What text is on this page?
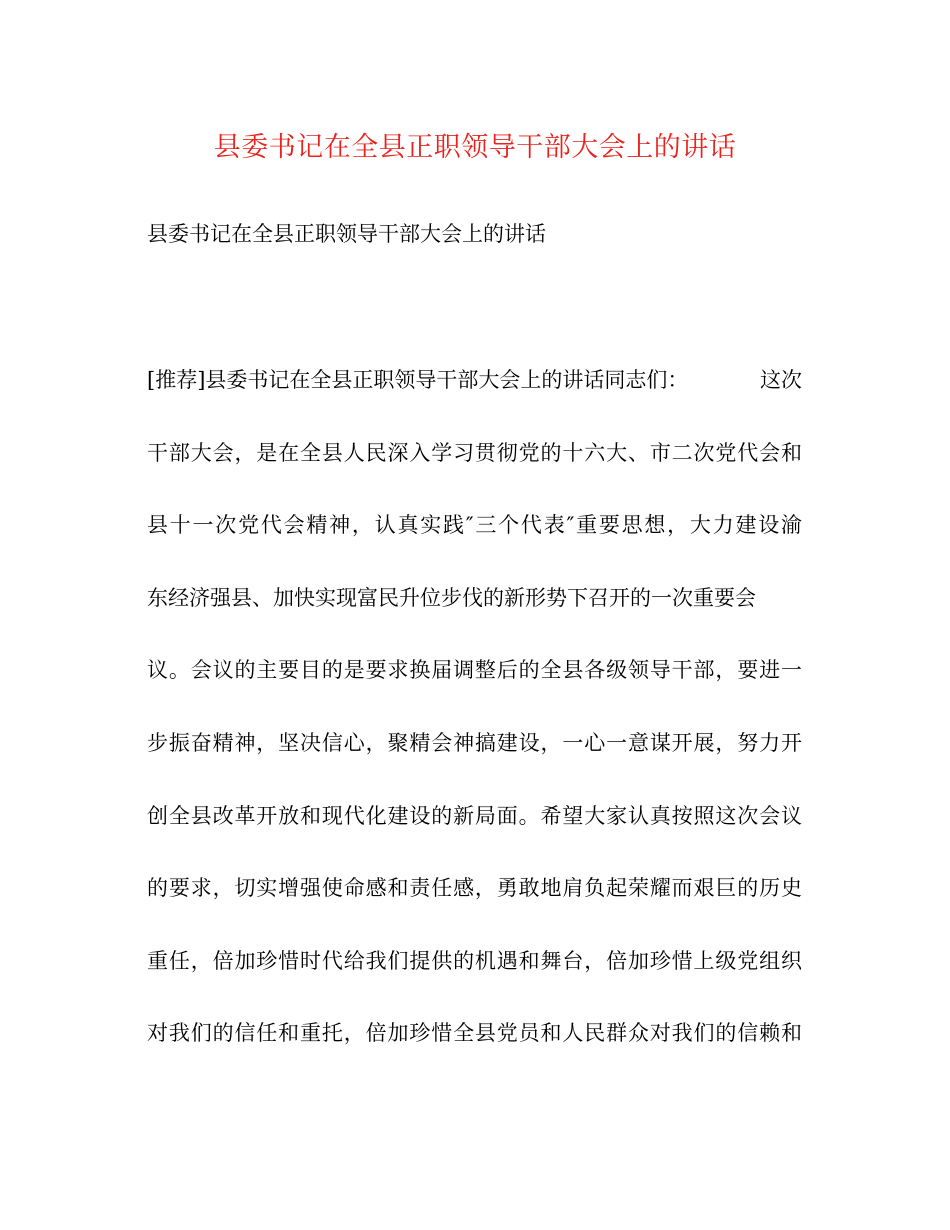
县委书记在全县正职领导干部大会上的讲话
县委书记在全县正职领导干部大会上的讲话
[推荐]县委书记在全县正职领导干部大会上的讲话同志们：	这次
干部大会，是在全县人民深入学习贯彻党的十六大、市二次党代会和
县十一次党代会精神，认真实践″三个代表″重要思想，大力建设渝
东经济强县、加快实现富民升位步伐的新形势下召开的一次重要会
议。会议的主要目的是要求换届调整后的全县各级领导干部，要进一
步振奋精神，坚决信心，聚精会神搞建设，一心一意谋开展，努力开
创全县改革开放和现代化建设的新局面。希望大家认真按照这次会议
的要求，切实增强使命感和责任感，勇敢地肩负起荣耀而艰巨的历史
重任，倍加珍惜时代给我们提供的机遇和舞台，倍加珍惜上级党组织
对我们的信任和重托，倍加珍惜全县党员和人民群众对我们的信赖和
